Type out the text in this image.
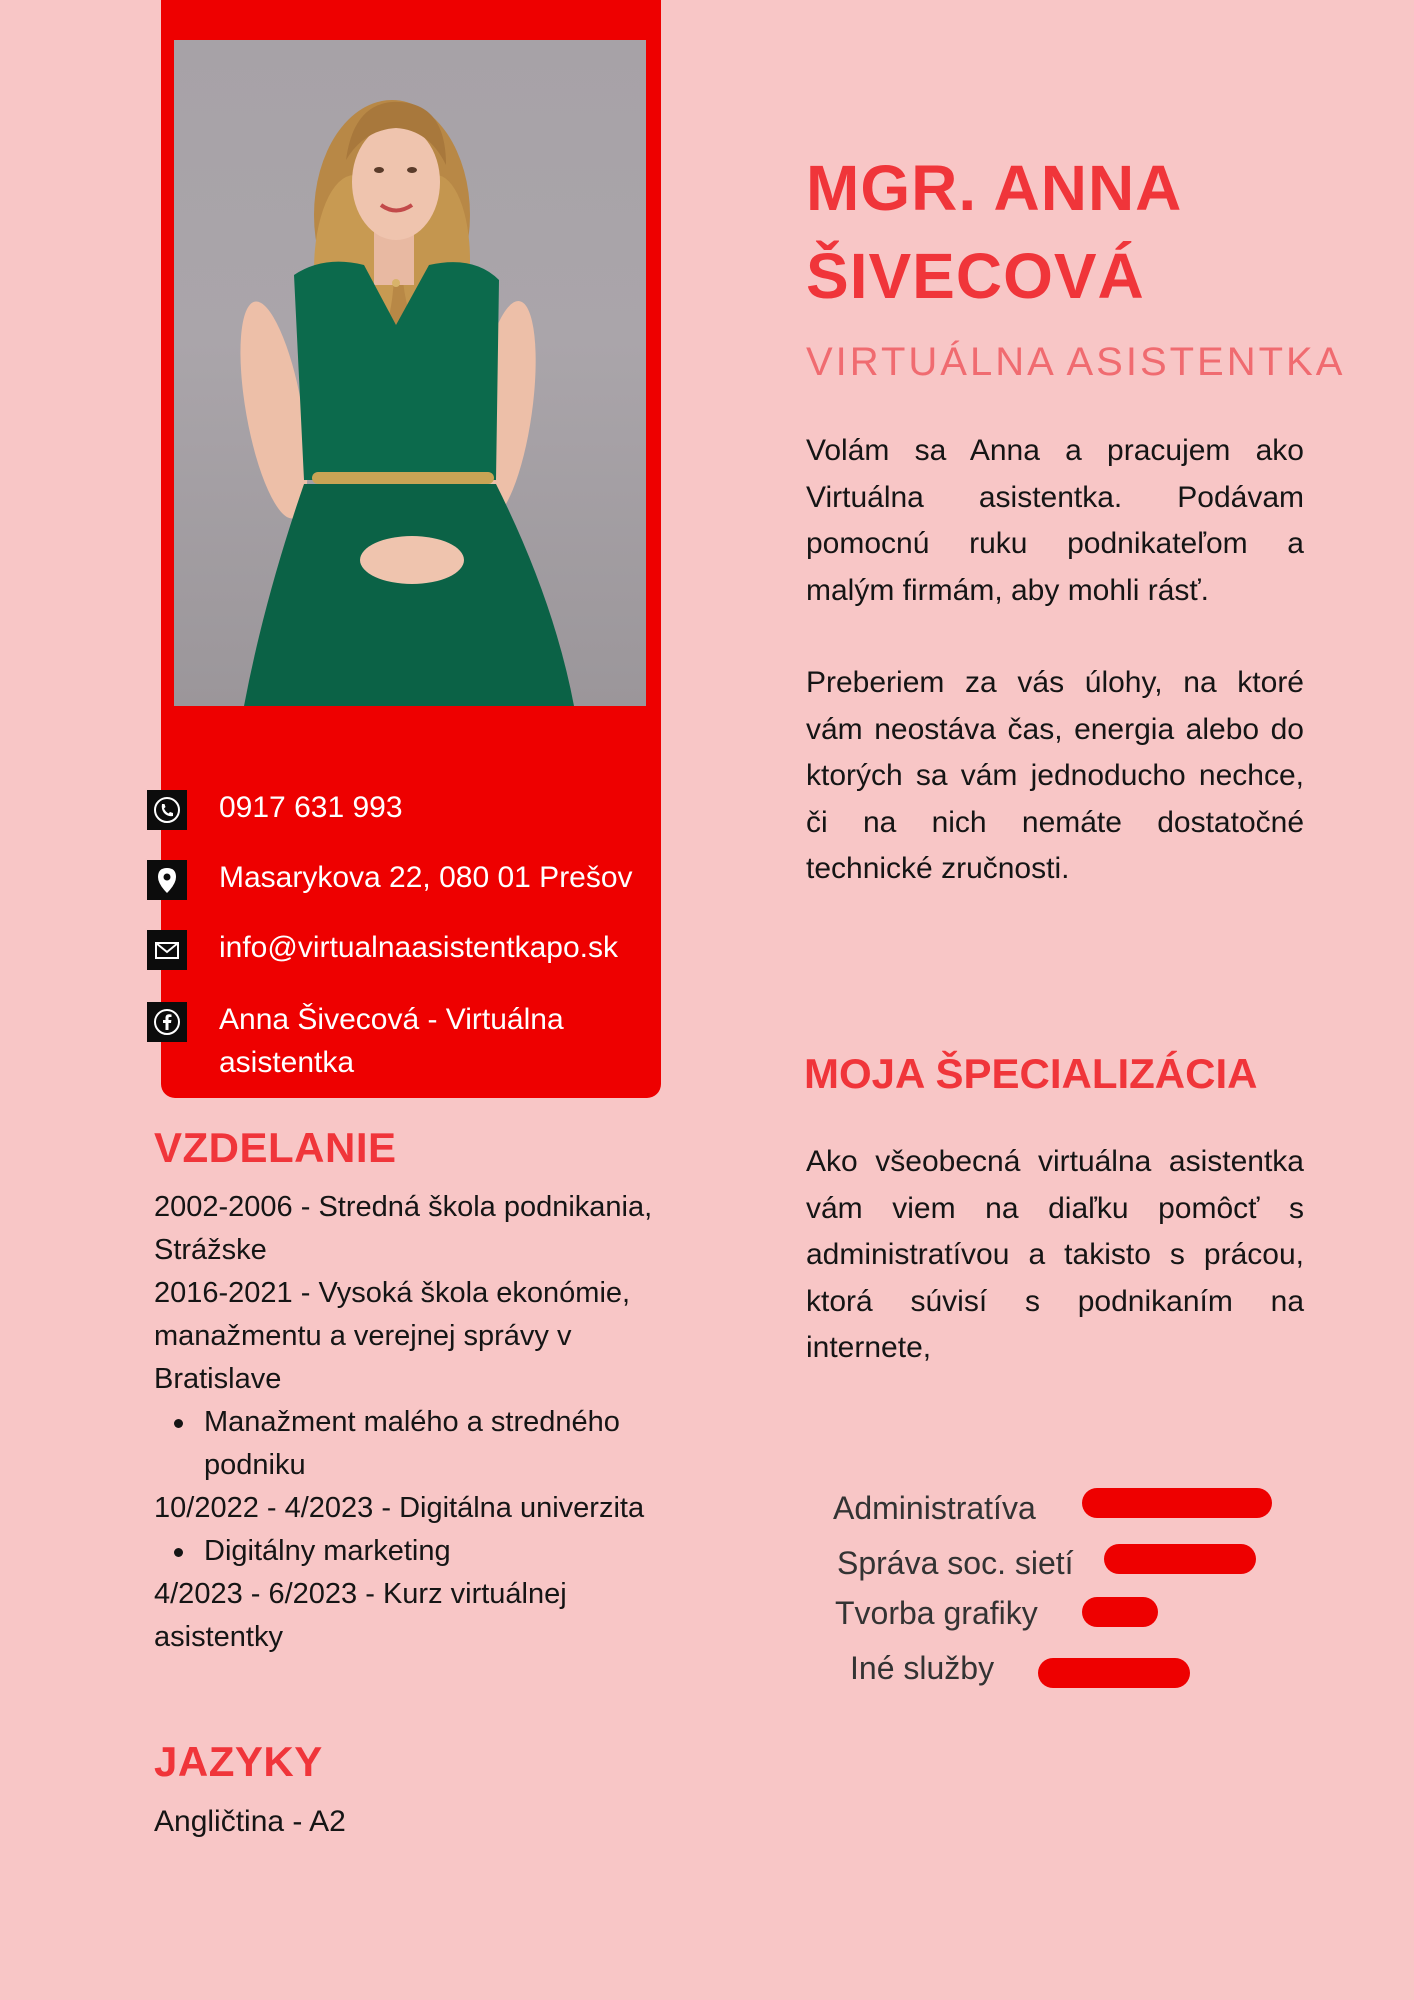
0917 631 993
Masarykova 22, 080 01 Prešov
info@virtualnaasistentkapo.sk
Anna Šivecová - Virtuálna asistentka
VZDELANIE
2002-2006 - Stredná škola podnikania, Strážske
2016-2021 - Vysoká škola ekonómie, manažmentu a verejnej správy v Bratislave
Manažment malého a stredného podniku
10/2022 - 4/2023 - Digitálna univerzita
Digitálny marketing
4/2023 - 6/2023 - Kurz virtuálnej asistentky
JAZYKY
Angličtina - A2
MGR. ANNA
ŠIVECOVÁ
VIRTUÁLNA ASISTENTKA
Volám sa Anna a pracujem ako Virtuálna asistentka. Podávam pomocnú ruku podnikateľom a malým firmám, aby mohli rásť.
Preberiem za vás úlohy, na ktoré vám neostáva čas, energia alebo do ktorých sa vám jednoducho nechce, či na nich nemáte dostatočné technické zručnosti.
MOJA ŠPECIALIZÁCIA
Ako všeobecná virtuálna asistentka vám viem na diaľku pomôcť s administratívou a takisto s prácou, ktorá súvisí s podnikaním na internete,
Administratíva
Správa soc. sietí
Tvorba grafiky
Iné služby
